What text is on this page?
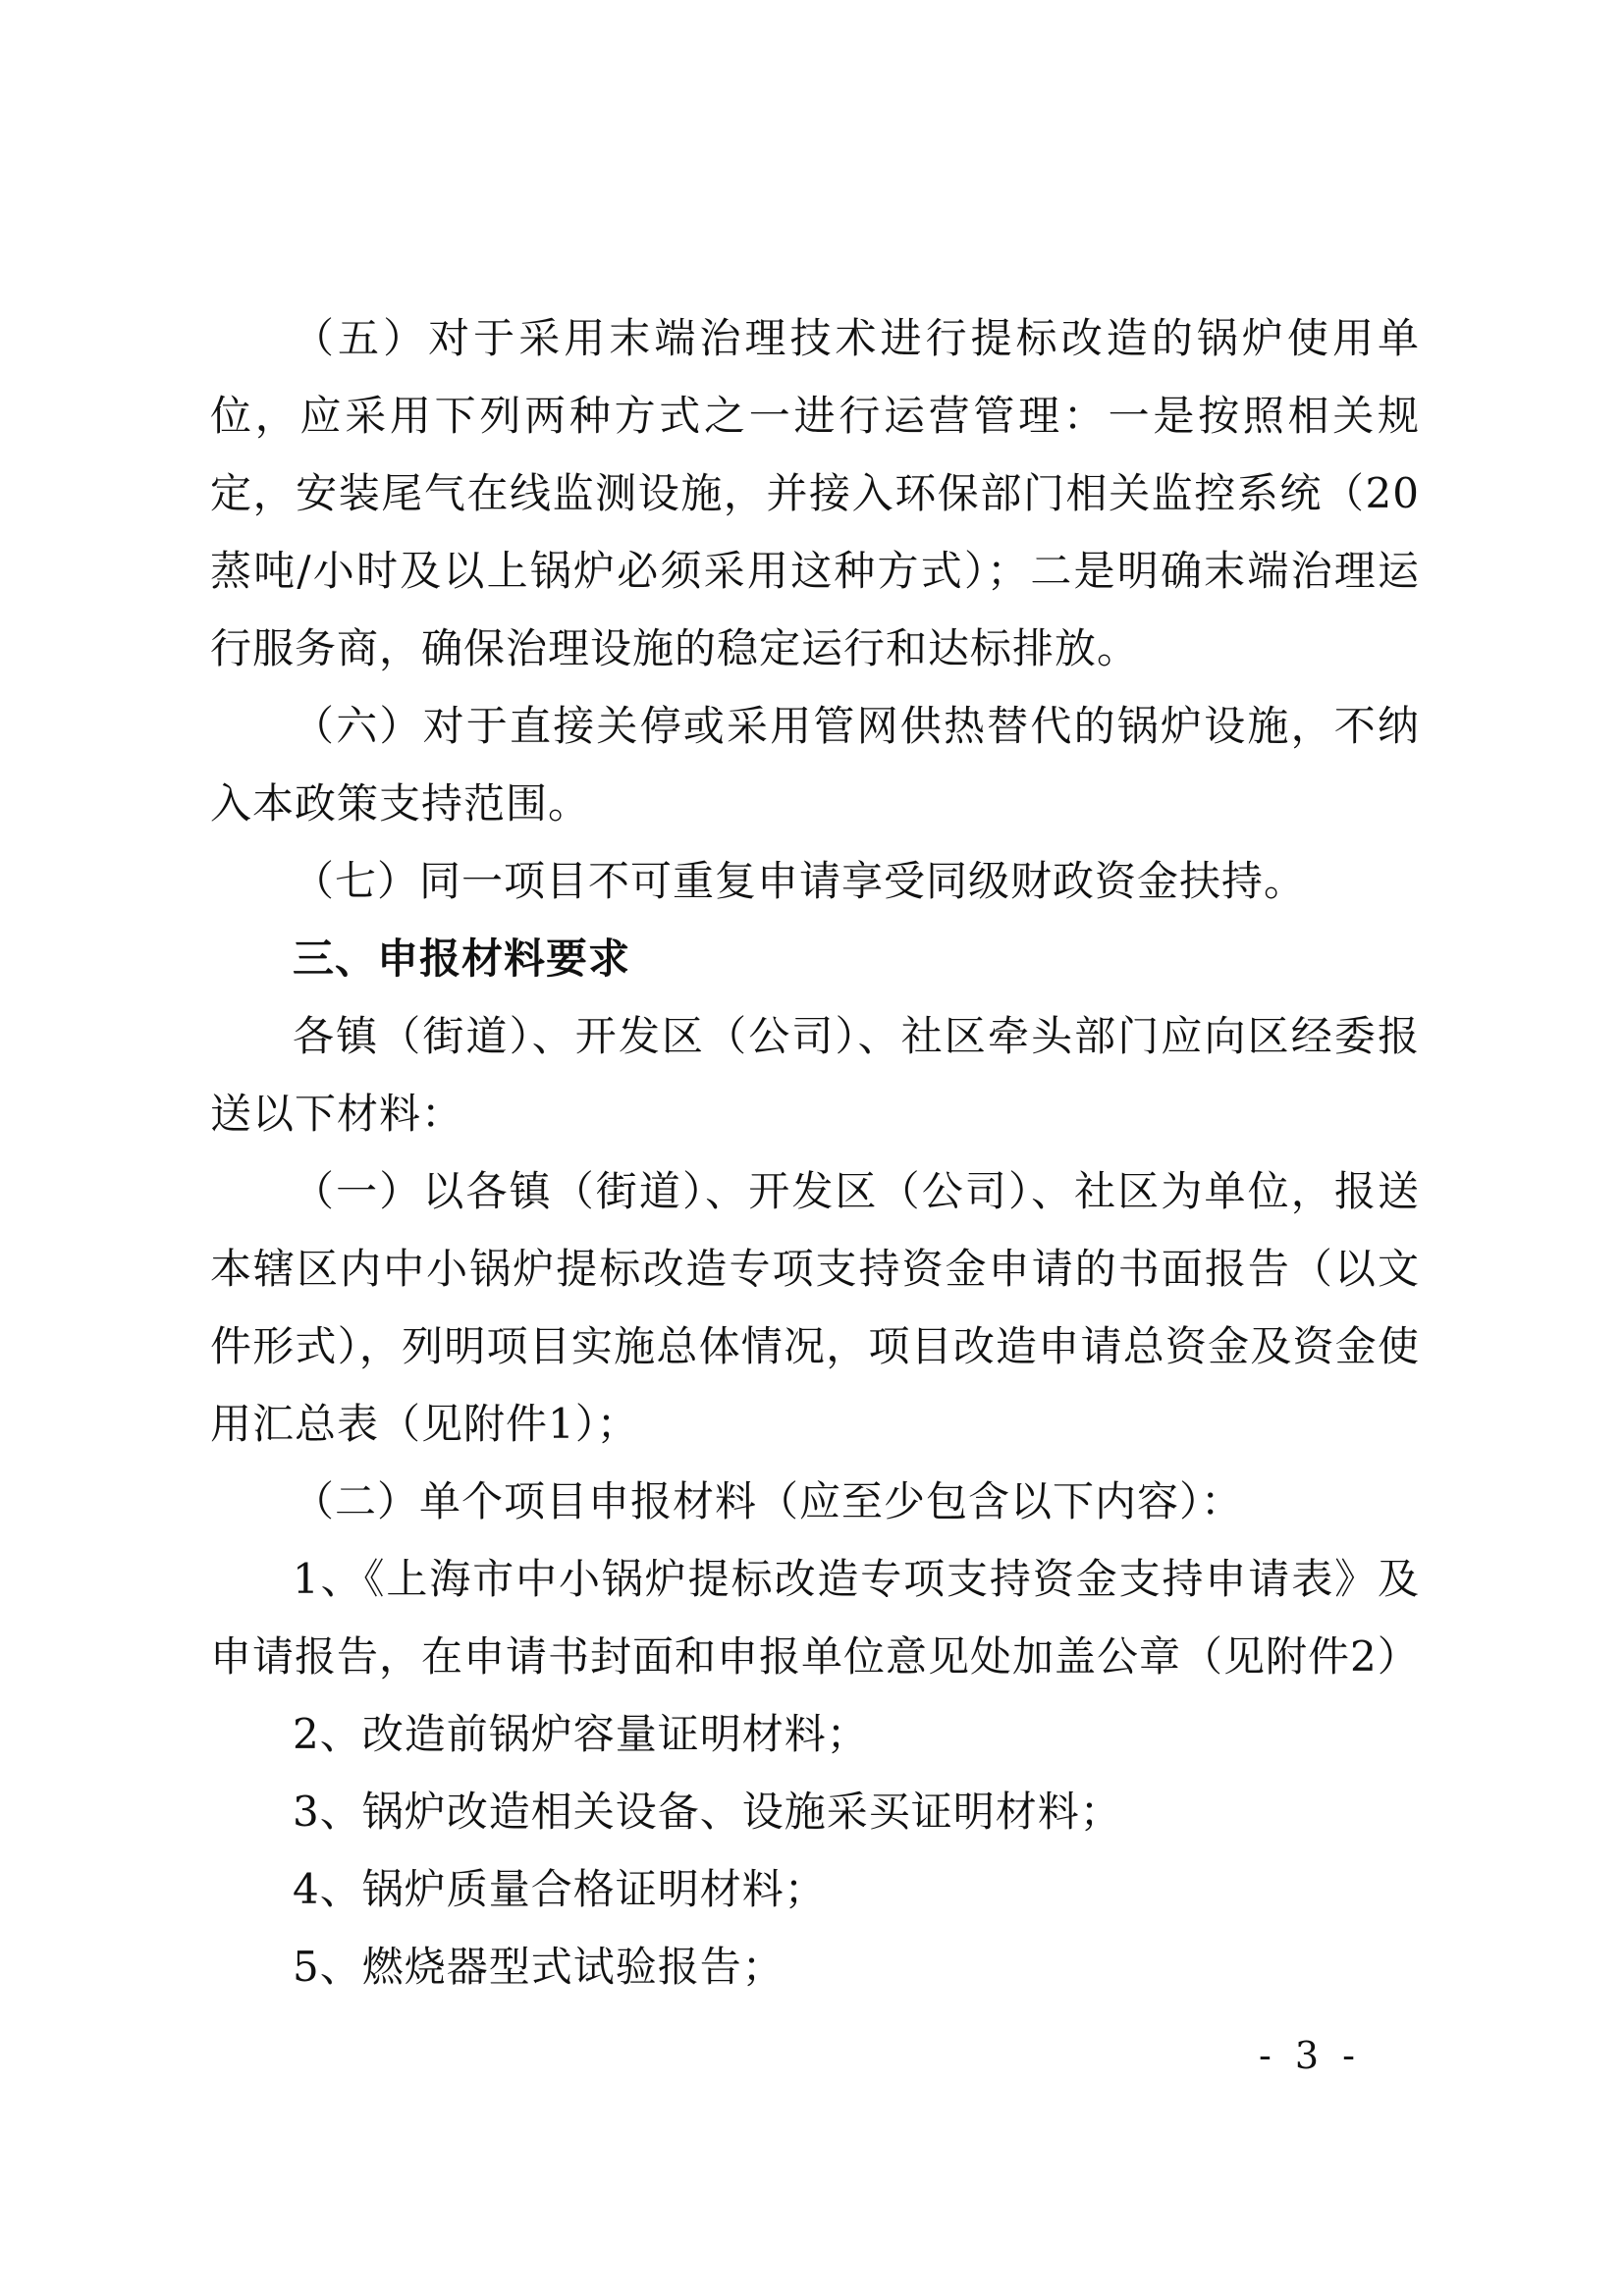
（五）对于采用末端治理技术进行提标改造的锅炉使用单位，应采用下列两种方式之一进行运营管理：一是按照相关规定，安装尾气在线监测设施，并接入环保部门相关监控系统（20蒸吨/小时及以上锅炉必须采用这种方式）；二是明确末端治理运行服务商，确保治理设施的稳定运行和达标排放。

（六）对于直接关停或采用管网供热替代的锅炉设施，不纳入本政策支持范围。

（七）同一项目不可重复申请享受同级财政资金扶持。

三、申报材料要求

各镇（街道）、开发区（公司）、社区牵头部门应向区经委报送以下材料：

（一）以各镇（街道）、开发区（公司）、社区为单位，报送本辖区内中小锅炉提标改造专项支持资金申请的书面报告（以文件形式），列明项目实施总体情况，项目改造申请总资金及资金使用汇总表（见附件1）；

（二）单个项目申报材料（应至少包含以下内容）：

1、《上海市中小锅炉提标改造专项支持资金支持申请表》及申请报告，在申请书封面和申报单位意见处加盖公章（见附件2）

2、改造前锅炉容量证明材料；

3、锅炉改造相关设备、设施采买证明材料；

4、锅炉质量合格证明材料；

5、燃烧器型式试验报告；

- 3 -
